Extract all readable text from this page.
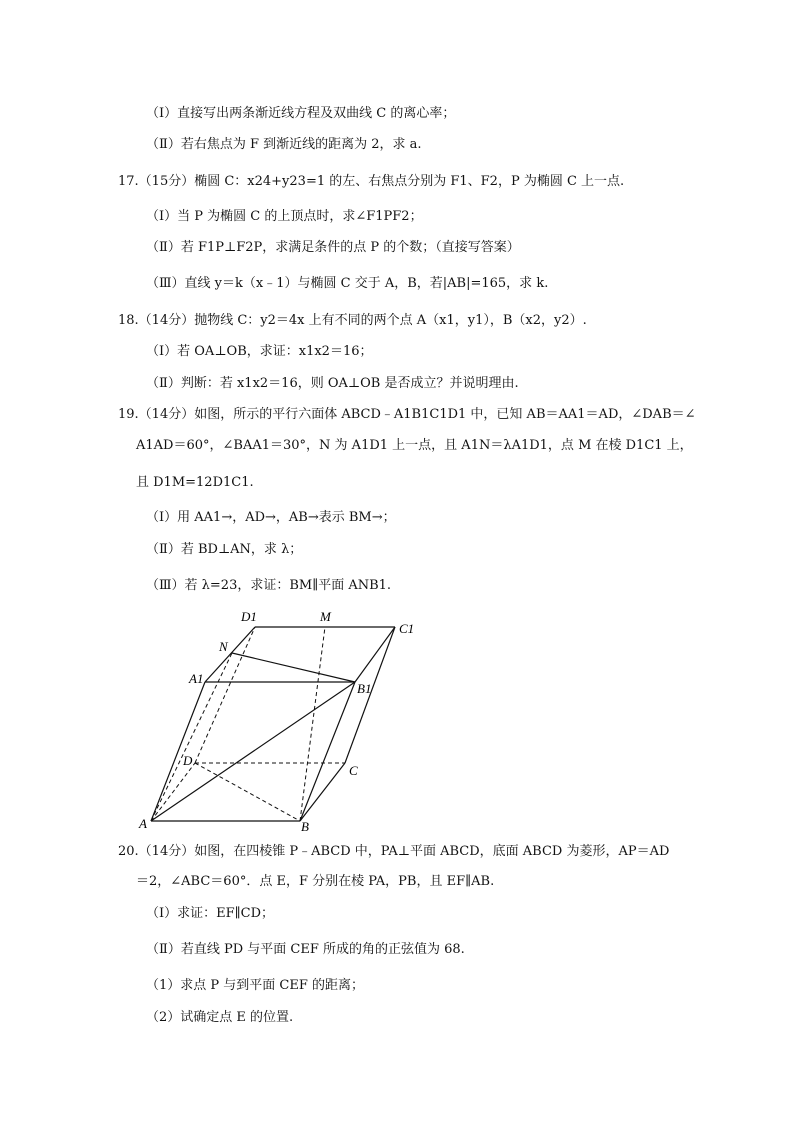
（Ⅰ）直接写出两条渐近线方程及双曲线 C 的离心率；
（Ⅱ）若右焦点为 F 到渐近线的距离为 2，求 a.
17.（15分）椭圆 C：x24+y23=1 的左、右焦点分别为 F1、F2，P 为椭圆 C 上一点.
（Ⅰ）当 P 为椭圆 C 的上顶点时，求∠F1PF2；
（Ⅱ）若 F1P⊥F2P，求满足条件的点 P 的个数；（直接写答案）
（Ⅲ）直线 y＝k（x﹣1）与椭圆 C 交于 A，B，若|AB|=165，求 k.
18.（14分）抛物线 C：y2＝4x 上有不同的两个点 A（x1，y1），B（x2，y2）.
（Ⅰ）若 OA⊥OB，求证：x1x2＝16；
（Ⅱ）判断：若 x1x2＝16，则 OA⊥OB 是否成立？并说明理由.
19.（14分）如图，所示的平行六面体 ABCD﹣A1B1C1D1 中，已知 AB＝AA1＝AD，∠DAB＝∠
A1AD＝60°，∠BAA1＝30°，N 为 A1D1 上一点，且 A1N＝λA1D1，点 M 在棱 D1C1 上，
且 D1M=12D1C1.
（Ⅰ）用 AA1→，AD→，AB→表示 BM→；
（Ⅱ）若 BD⊥AN，求 λ；
（Ⅲ）若 λ=23，求证：BM∥平面 ANB1.
D1	M
C1
N
A1
B1
D
C
A	B
20.（14分）如图，在四棱锥 P﹣ABCD 中，PA⊥平面 ABCD，底面 ABCD 为菱形，AP＝AD
＝2，∠ABC＝60°．点 E，F 分别在棱 PA，PB，且 EF∥AB.
（Ⅰ）求证：EF∥CD；
（Ⅱ）若直线 PD 与平面 CEF 所成的角的正弦值为 68.
（1）求点 P 与到平面 CEF 的距离；
（2）试确定点 E 的位置.
